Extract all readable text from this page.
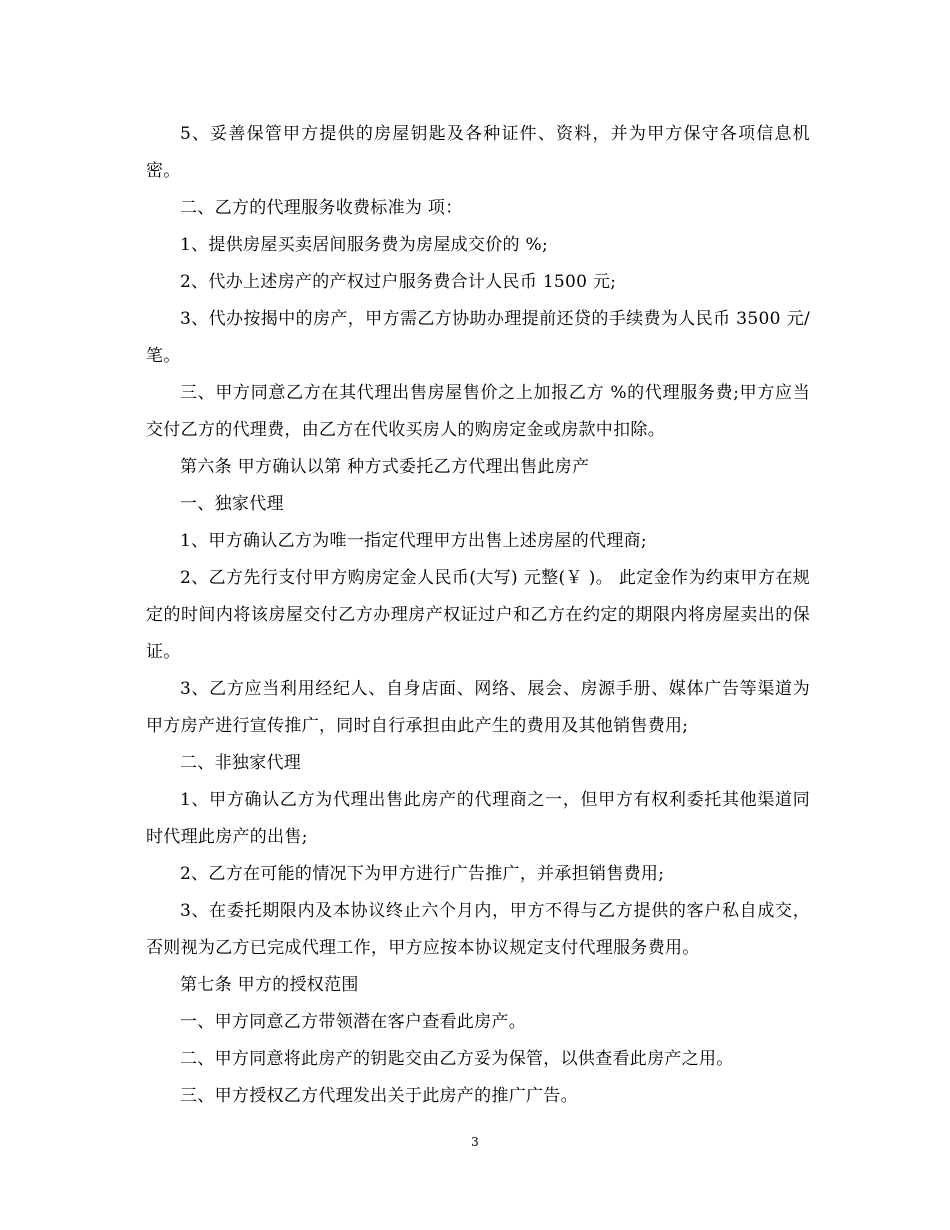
5、妥善保管甲方提供的房屋钥匙及各种证件、资料，并为甲方保守各项信息机密。

二、乙方的代理服务收费标准为 项：

1、提供房屋买卖居间服务费为房屋成交价的 %;

2、代办上述房产的产权过户服务费合计人民币 1500 元;

3、代办按揭中的房产，甲方需乙方协助办理提前还贷的手续费为人民币 3500 元/笔。

三、甲方同意乙方在其代理出售房屋售价之上加报乙方 %的代理服务费;甲方应当交付乙方的代理费，由乙方在代收买房人的购房定金或房款中扣除。

第六条 甲方确认以第 种方式委托乙方代理出售此房产

一、独家代理

1、甲方确认乙方为唯一指定代理甲方出售上述房屋的代理商;

2、乙方先行支付甲方购房定金人民币(大写) 元整(￥ )。 此定金作为约束甲方在规定的时间内将该房屋交付乙方办理房产权证过户和乙方在约定的期限内将房屋卖出的保证。

3、乙方应当利用经纪人、自身店面、网络、展会、房源手册、媒体广告等渠道为甲方房产进行宣传推广，同时自行承担由此产生的费用及其他销售费用;

二、非独家代理

1、甲方确认乙方为代理出售此房产的代理商之一，但甲方有权利委托其他渠道同时代理此房产的出售;

2、乙方在可能的情况下为甲方进行广告推广，并承担销售费用;

3、在委托期限内及本协议终止六个月内，甲方不得与乙方提供的客户私自成交，否则视为乙方已完成代理工作，甲方应按本协议规定支付代理服务费用。

第七条 甲方的授权范围

一、甲方同意乙方带领潜在客户查看此房产。

二、甲方同意将此房产的钥匙交由乙方妥为保管，以供查看此房产之用。

三、甲方授权乙方代理发出关于此房产的推广广告。

3
